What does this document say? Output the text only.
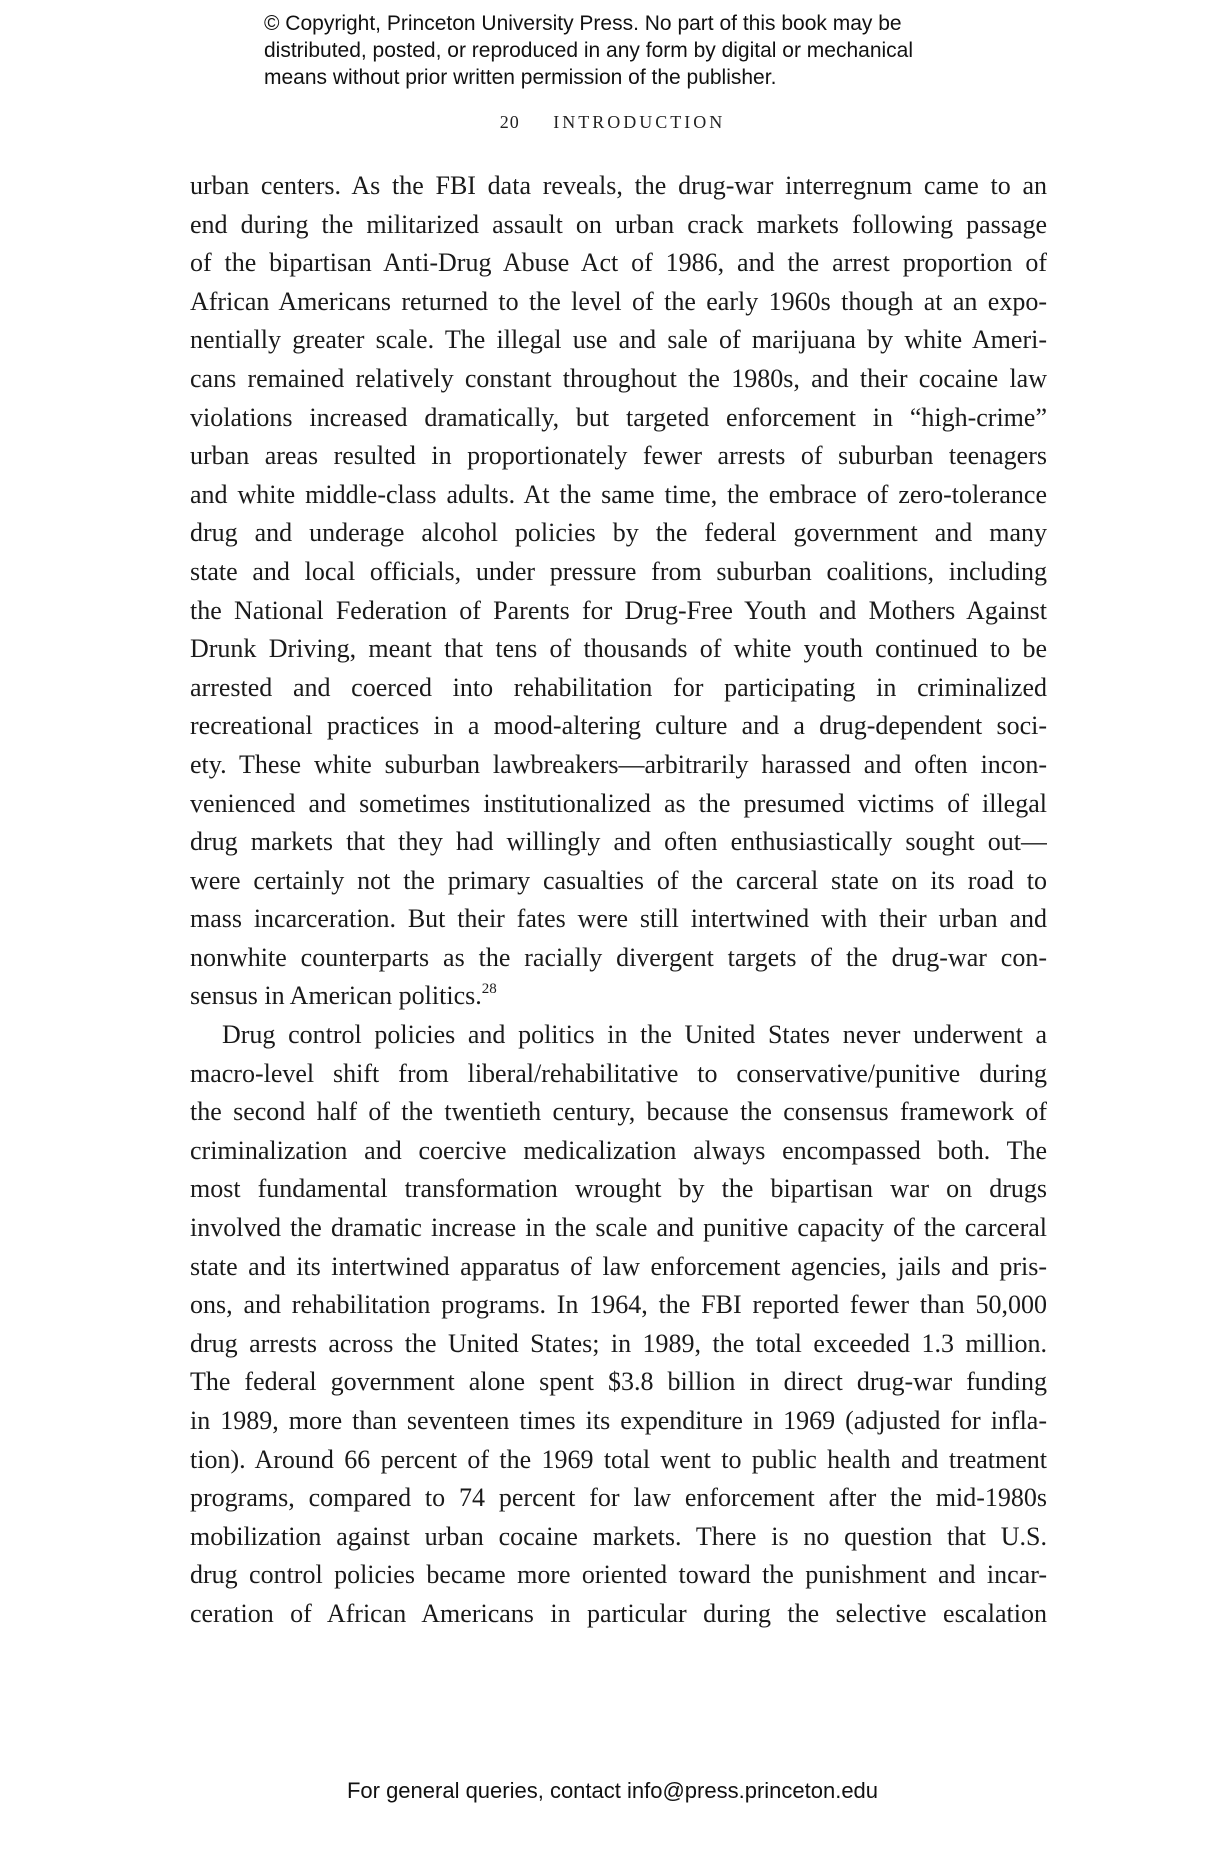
© Copyright, Princeton University Press. No part of this book may be
distributed, posted, or reproduced in any form by digital or mechanical
means without prior written permission of the publisher.
20 INTRODUCTION
urban centers. As the FBI data reveals, the drug-war interregnum came to an
end during the militarized assault on urban crack markets following passage
of the bipartisan Anti-Drug Abuse Act of 1986, and the arrest proportion of
African Americans returned to the level of the early 1960s though at an expo-
nentially greater scale. The illegal use and sale of marijuana by white Ameri-
cans remained relatively constant throughout the 1980s, and their cocaine law
violations increased dramatically, but targeted enforcement in “high-crime”
urban areas resulted in proportionately fewer arrests of suburban teenagers
and white middle-class adults. At the same time, the embrace of zero-tolerance
drug and underage alcohol policies by the federal government and many
state and local officials, under pressure from suburban coalitions, including
the National Federation of Parents for Drug-Free Youth and Mothers Against
Drunk Driving, meant that tens of thousands of white youth continued to be
arrested and coerced into rehabilitation for participating in criminalized
recreational practices in a mood-altering culture and a drug-dependent soci-
ety. These white suburban lawbreakers—arbitrarily harassed and often incon-
venienced and sometimes institutionalized as the presumed victims of illegal
drug markets that they had willingly and often enthusiastically sought out—
were certainly not the primary casualties of the carceral state on its road to
mass incarceration. But their fates were still intertwined with their urban and
nonwhite counterparts as the racially divergent targets of the drug-war con-
sensus in American politics.$^{28}$
Drug control policies and politics in the United States never underwent a
macro-level shift from liberal/rehabilitative to conservative/punitive during
the second half of the twentieth century, because the consensus framework of
criminalization and coercive medicalization always encompassed both. The
most fundamental transformation wrought by the bipartisan war on drugs
involved the dramatic increase in the scale and punitive capacity of the carceral
state and its intertwined apparatus of law enforcement agencies, jails and pris-
ons, and rehabilitation programs. In 1964, the FBI reported fewer than 50,000
drug arrests across the United States; in 1989, the total exceeded 1.3 million.
The federal government alone spent $3.8 billion in direct drug-war funding
in 1989, more than seventeen times its expenditure in 1969 (adjusted for infla-
tion). Around 66 percent of the 1969 total went to public health and treatment
programs, compared to 74 percent for law enforcement after the mid-1980s
mobilization against urban cocaine markets. There is no question that U.S.
drug control policies became more oriented toward the punishment and incar-
ceration of African Americans in particular during the selective escalation
For general queries, contact info@press.princeton.edu
